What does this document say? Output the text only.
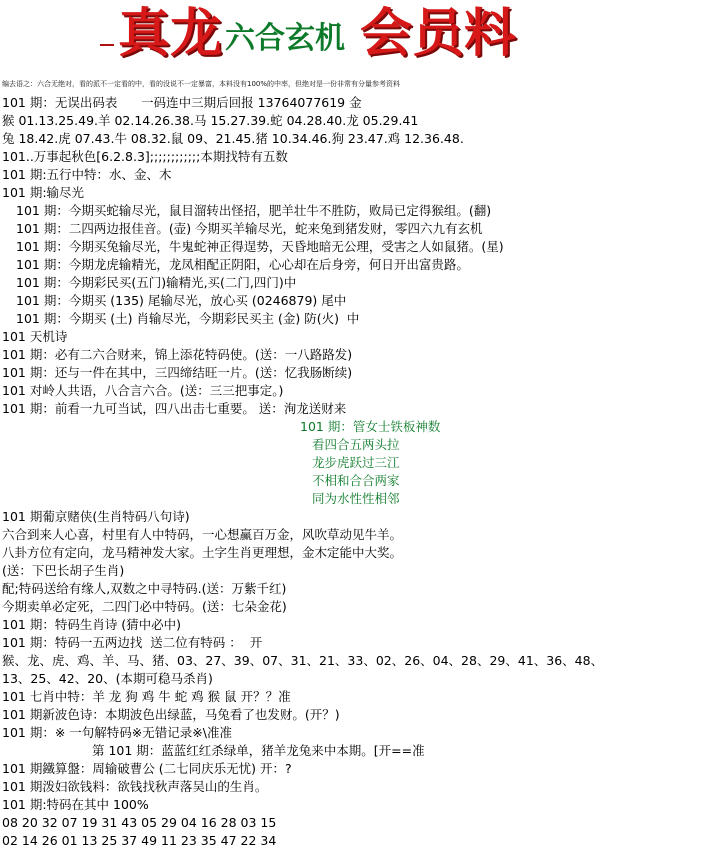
真龙 六合玄机 会员料
编去语之：六合无绝对，看的派不一定看的中，看的没说不一定暴富，本料没有100%的中率，但绝对是一份非常有分量参考资料
101 期：无误出码表      一码连中三期后回报 13764077619 金
猴 01.13.25.49.羊 02.14.26.38.马 15.27.39.蛇 04.28.40.龙 05.29.41
兔 18.42.虎 07.43.牛 08.32.鼠 09、21.45.猪 10.34.46.狗 23.47.鸡 12.36.48.
101..万事起秋色[6.2.8.3];;;;;;;;;;;;本期找特有五数
101 期:五行中特：水、金、木
101 期:输尽光
101 期：今期买蛇输尽光，鼠目溜转出怪招，肥羊壮牛不胜防，败局已定得猴组。(翻)
101 期：二四两边报佳音。(壶) 今期买羊输尽光，蛇来兔到猪发财，零四六九有玄机
101 期：今期买兔输尽光，牛鬼蛇神正得逞势，天昏地暗无公理，受害之人如鼠猪。(星)
101 期：今期龙虎输精光，龙凤相配正阴阳，心心却在后身旁，何日开出富贵路。
101 期：今期彩民买(五门)输精光,买(二门,四门)中
101 期：今期买 (135) 尾输尽光，放心买 (0246879) 尾中
101 期：今期买 (土) 肖输尽光，今期彩民买主 (金) 防(火)  中
101 天机诗
101 期：必有二六合财来，锦上添花特码使。(送：一八路路发)
101 期：还与一件在其中，三四缔结旺一片。(送：忆我肠断续)
101 对岭人共语，八合言六合。(送：三三把事定。)
101 期：前看一九可当试，四八出击七重要。 送：洵龙送财来

101 期：管女士铁板神数

看四合五两头拉

龙步虎跃过三江

不相和合合两家

同为水性性相邻

101 期葡京赌侠(生肖特码八句诗)
六合到来人心喜，村里有人中特码，一心想赢百万金，风吹草动见牛羊。
八卦方位有定向，龙马精神发大家。土字生肖更理想，金木定能中大奖。
(送：下巴长胡子生肖)
配;特码送给有缘人,双数之中寻特码.(送：万紫千红)
今期卖单必定死，二四门必中特码。(送：七朵金花)
101 期：特码生肖诗 (猜中必中)
101 期：特码一五两边找  送二位有特码 ：  开
猴、龙、虎、鸡、羊、马、猪、03、27、39、07、31、21、33、02、26、04、28、29、41、36、48、
13、25、42、20、(本期可稳马杀肖)
101 七肖中特：羊 龙 狗 鸡 牛 蛇 鸡 猴 鼠 开？？准
101 期新波色诗：本期波色出绿蓝，马兔看了也发财。(开？)
101 期：※ 一句解特码※无错记录※\准准
第 101 期：蓝蓝红红杀绿单，猪羊龙兔来中本期。[开==准
101 期鐵算盤：周输破曹公 (二七同庆乐无忧) 开：?
101 期泼妇欲钱料：欲钱找秋声落吴山的生肖。
101 期:特码在其中 100%
08 20 32 07 19 31 43 05 29 04 16 28 03 15
02 14 26 01 13 25 37 49 11 23 35 47 22 34
